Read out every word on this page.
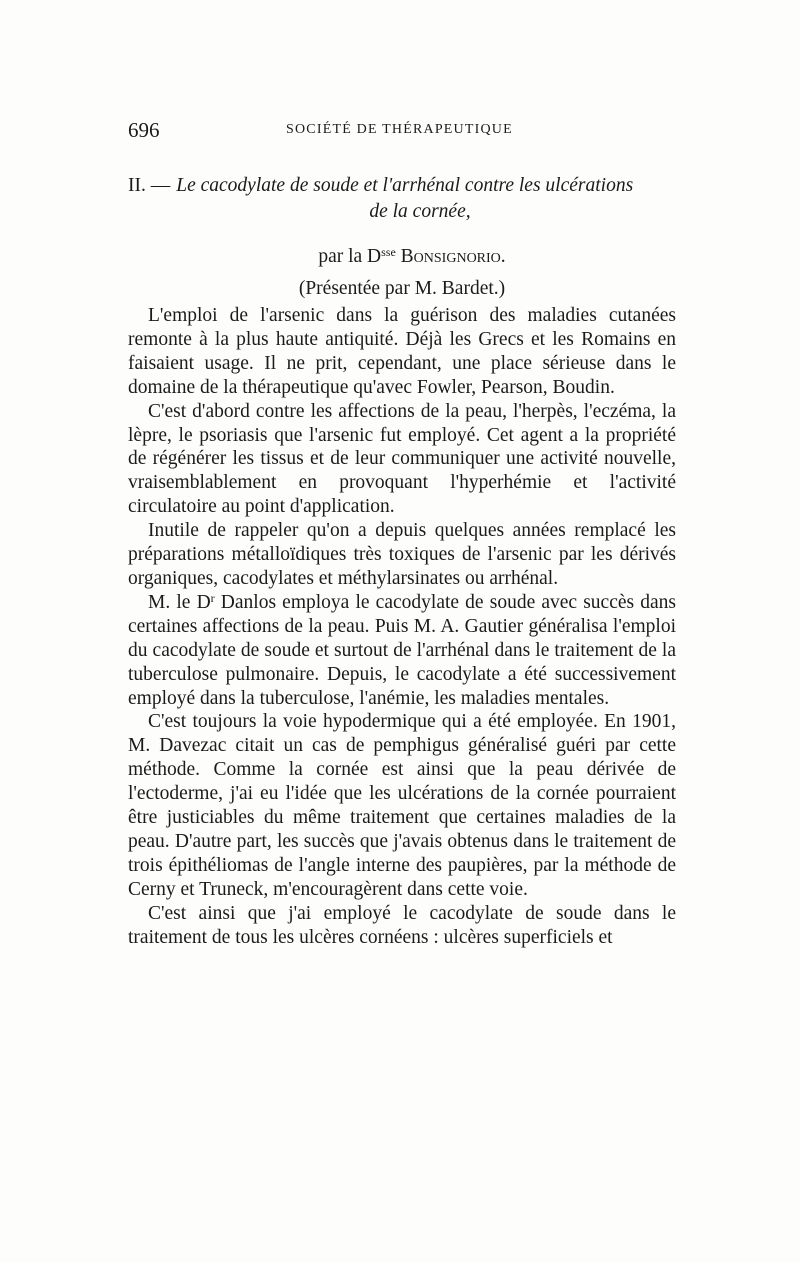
696	SOCIÉTÉ DE THÉRAPEUTIQUE
II. — Le cacodylate de soude et l'arrhénal contre les ulcérations
de la cornée,
par la $D^{sse}$ Bonsignorio.
(Présentée par M. Bardet.)

L'emploi de l'arsenic dans la guérison des maladies cutanées remonte à la plus haute antiquité. Déjà les Grecs et les Romains en faisaient usage. Il ne prit, cependant, une place sérieuse dans le domaine de la thérapeutique qu'avec Fowler, Pearson, Boudin.

C'est d'abord contre les affections de la peau, l'herpès, l'eczéma, la lèpre, le psoriasis que l'arsenic fut employé. Cet agent a la propriété de régénérer les tissus et de leur communiquer une activité nouvelle, vraisemblablement en provoquant l'hyperhémie et l'activité circulatoire au point d'application.

Inutile de rappeler qu'on a depuis quelques années remplacé les préparations métalloïdiques très toxiques de l'arsenic par les dérivés organiques, cacodylates et méthylarsinates ou arrhénal.

M. le $D^r$ Danlos employa le cacodylate de soude avec succès dans certaines affections de la peau. Puis M. A. Gautier généralisa l'emploi du cacodylate de soude et surtout de l'arrhénal dans le traitement de la tuberculose pulmonaire. Depuis, le cacodylate a été successivement employé dans la tuberculose, l'anémie, les maladies mentales.

C'est toujours la voie hypodermique qui a été employée. En 1901, M. Davezac citait un cas de pemphigus généralisé guéri par cette méthode. Comme la cornée est ainsi que la peau dérivée de l'ectoderme, j'ai eu l'idée que les ulcérations de la cornée pourraient être justiciables du même traitement que certaines maladies de la peau. D'autre part, les succès que j'avais obtenus dans le traitement de trois épithéliomas de l'angle interne des paupières, par la méthode de Cerny et Truneck, m'encouragèrent dans cette voie.

C'est ainsi que j'ai employé le cacodylate de soude dans le traitement de tous les ulcères cornéens : ulcères superficiels et
